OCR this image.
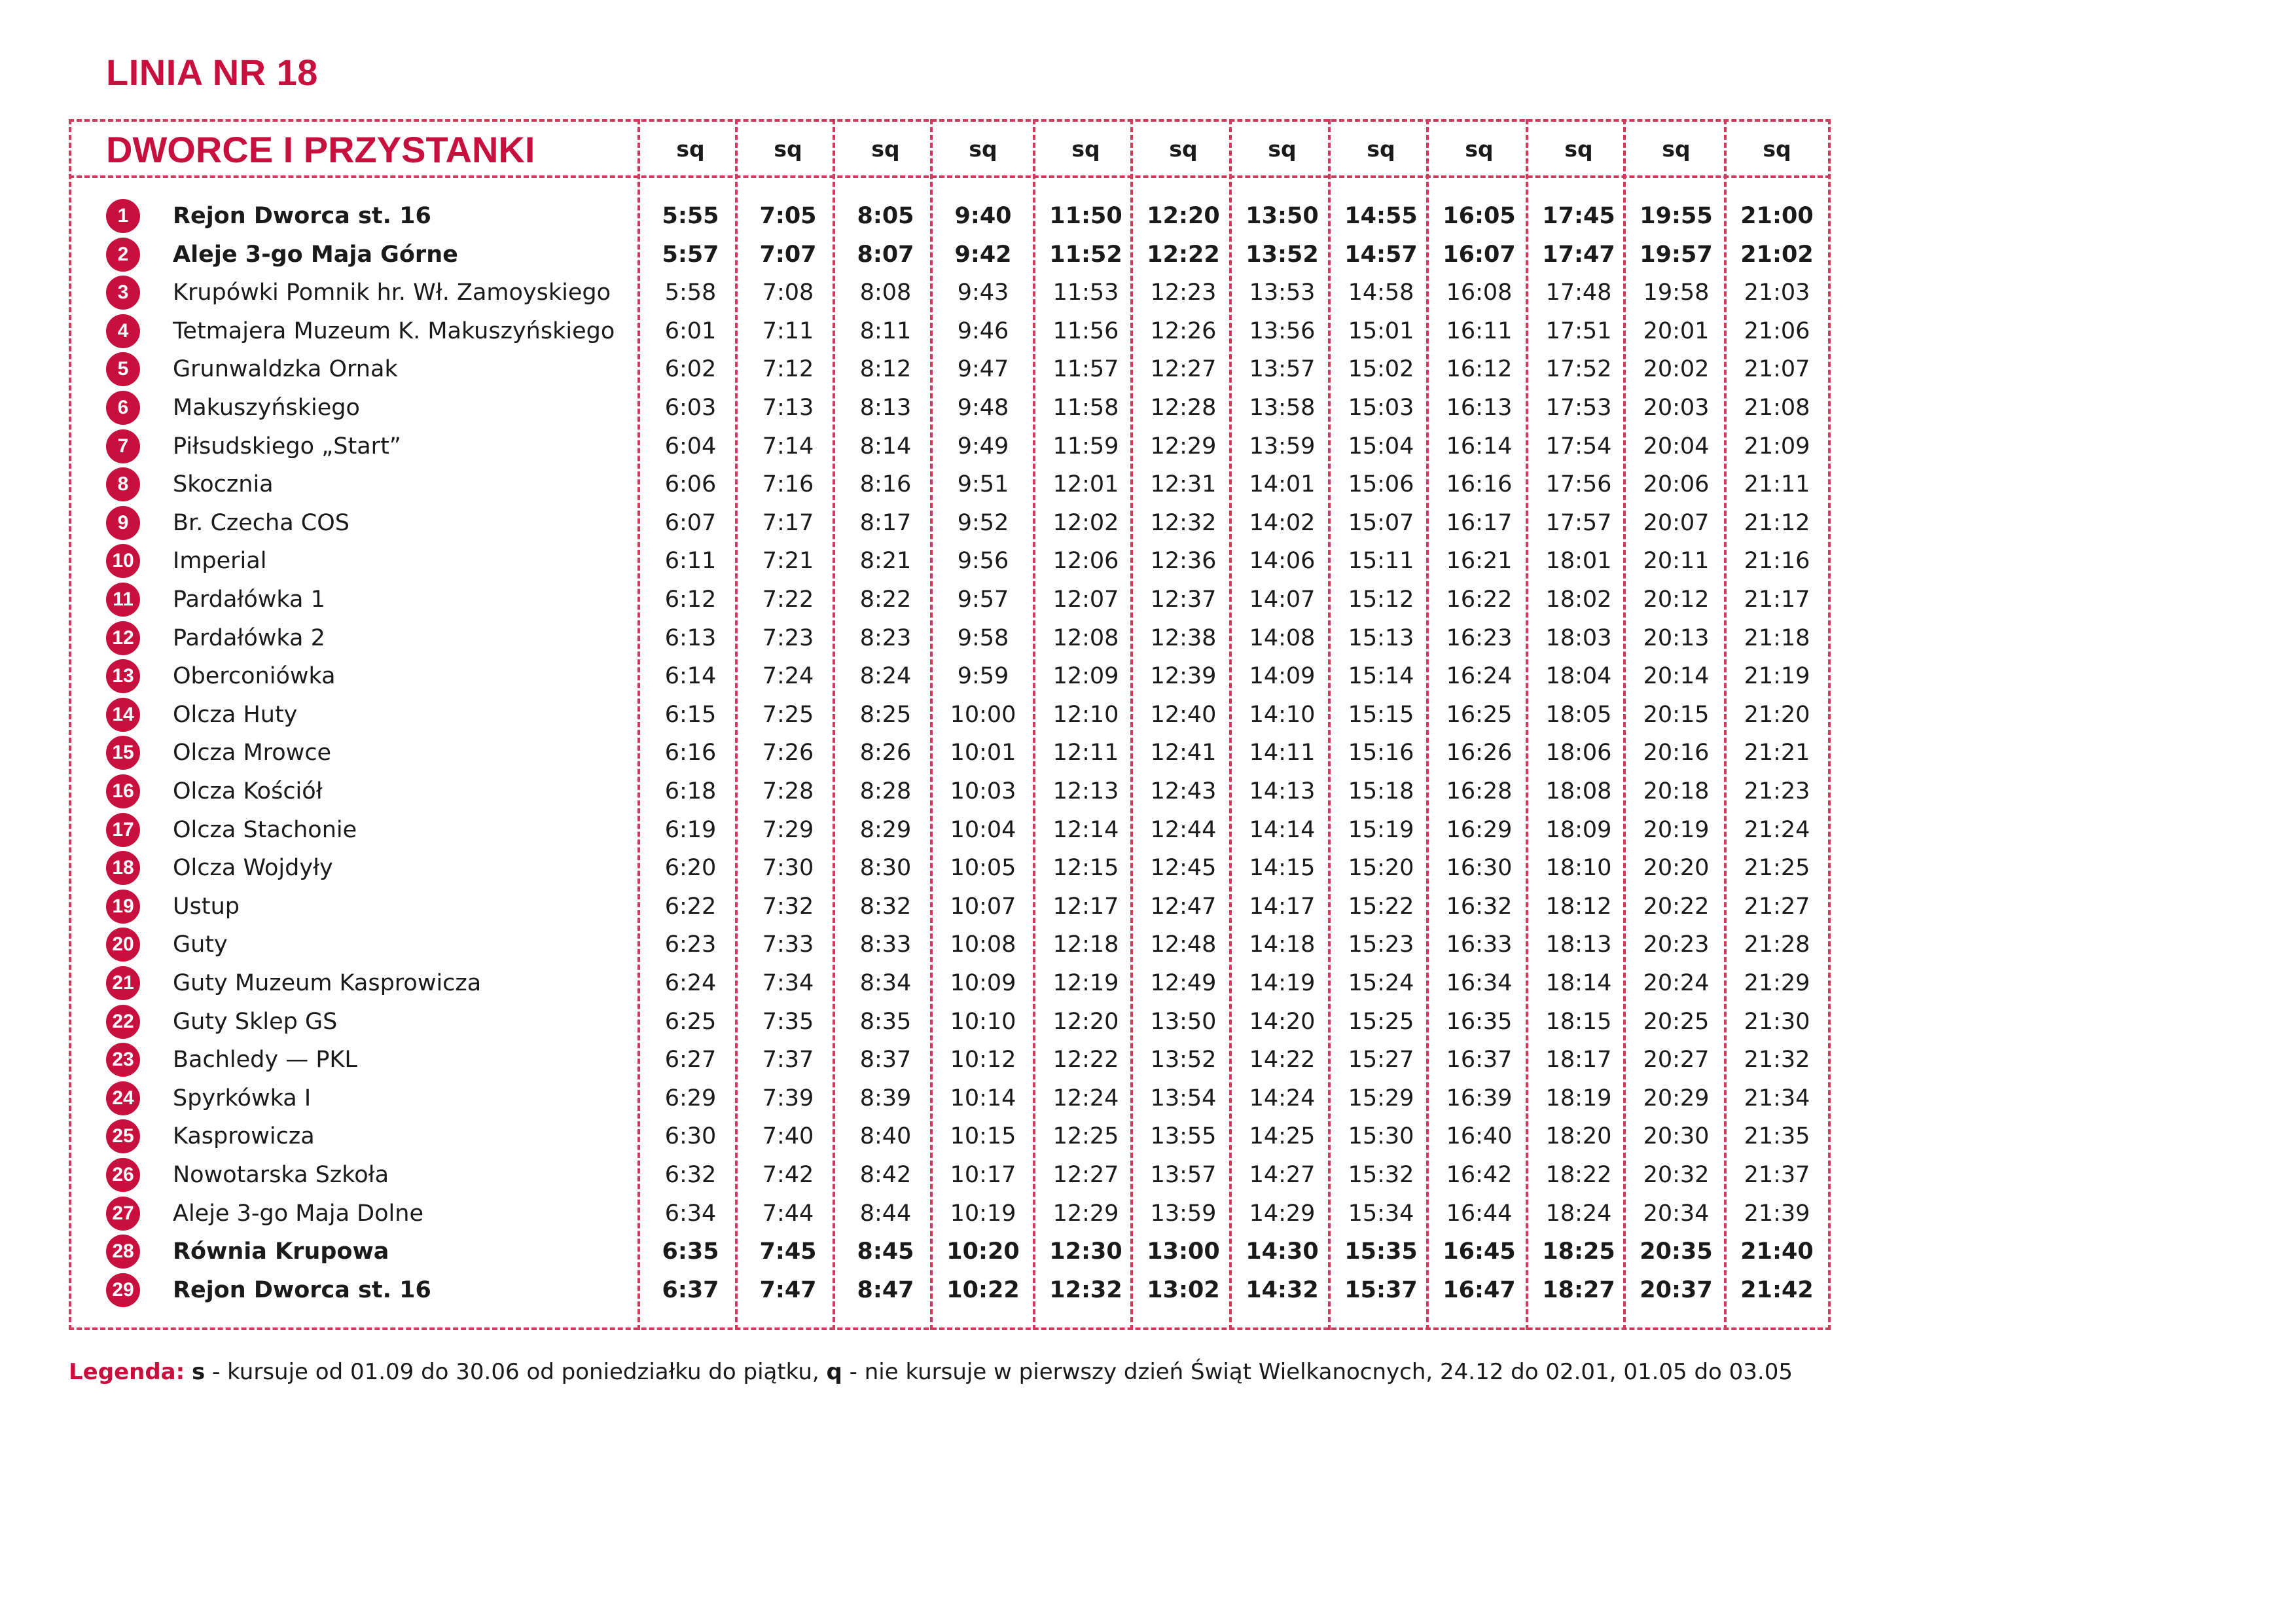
LINIA NR 18
DWORCE I PRZYSTANKI	sq	sq	sq	sq	sq	sq	sq	sq	sq	sq	sq	sq
1	Rejon Dworca st. 16	5:55	7:05	8:05	9:40	11:50	12:20	13:50	14:55	16:05	17:45	19:55	21:00
2	Aleje 3-go Maja Górne	5:57	7:07	8:07	9:42	11:52	12:22	13:52	14:57	16:07	17:47	19:57	21:02
3	Krupówki Pomnik hr. Wł. Zamoyskiego	5:58	7:08	8:08	9:43	11:53	12:23	13:53	14:58	16:08	17:48	19:58	21:03
4	Tetmajera Muzeum K. Makuszyńskiego	6:01	7:11	8:11	9:46	11:56	12:26	13:56	15:01	16:11	17:51	20:01	21:06
5	Grunwaldzka Ornak	6:02	7:12	8:12	9:47	11:57	12:27	13:57	15:02	16:12	17:52	20:02	21:07
6	Makuszyńskiego	6:03	7:13	8:13	9:48	11:58	12:28	13:58	15:03	16:13	17:53	20:03	21:08
7	Piłsudskiego „Start”	6:04	7:14	8:14	9:49	11:59	12:29	13:59	15:04	16:14	17:54	20:04	21:09
8	Skocznia	6:06	7:16	8:16	9:51	12:01	12:31	14:01	15:06	16:16	17:56	20:06	21:11
9	Br. Czecha COS	6:07	7:17	8:17	9:52	12:02	12:32	14:02	15:07	16:17	17:57	20:07	21:12
10 Imperial	6:11	7:21	8:21	9:56	12:06	12:36	14:06	15:11	16:21	18:01	20:11	21:16
11 Pardałówka 1	6:12	7:22	8:22	9:57	12:07	12:37	14:07	15:12	16:22	18:02	20:12	21:17
12 Pardałówka 2	6:13	7:23	8:23	9:58	12:08	12:38	14:08	15:13	16:23	18:03	20:13	21:18
13 Oberconiówka	6:14	7:24	8:24	9:59	12:09	12:39	14:09	15:14	16:24	18:04	20:14	21:19
14 Olcza Huty	6:15	7:25	8:25	10:00	12:10	12:40	14:10	15:15	16:25	18:05	20:15	21:20
15 Olcza Mrowce	6:16	7:26	8:26	10:01	12:11	12:41	14:11	15:16	16:26	18:06	20:16	21:21
16 Olcza Kościół	6:18	7:28	8:28	10:03	12:13	12:43	14:13	15:18	16:28	18:08	20:18	21:23
17 Olcza Stachonie	6:19	7:29	8:29	10:04	12:14	12:44	14:14	15:19	16:29	18:09	20:19	21:24
18 Olcza Wojdyły	6:20	7:30	8:30	10:05	12:15	12:45	14:15	15:20	16:30	18:10	20:20	21:25
19 Ustup	6:22	7:32	8:32	10:07	12:17	12:47	14:17	15:22	16:32	18:12	20:22	21:27
20 Guty	6:23	7:33	8:33	10:08	12:18	12:48	14:18	15:23	16:33	18:13	20:23	21:28
21 Guty Muzeum Kasprowicza	6:24	7:34	8:34	10:09	12:19	12:49	14:19	15:24	16:34	18:14	20:24	21:29
22 Guty Sklep GS	6:25	7:35	8:35	10:10	12:20	13:50	14:20	15:25	16:35	18:15	20:25	21:30
23 Bachledy — PKL	6:27	7:37	8:37	10:12	12:22	13:52	14:22	15:27	16:37	18:17	20:27	21:32
24 Spyrkówka I	6:29	7:39	8:39	10:14	12:24	13:54	14:24	15:29	16:39	18:19	20:29	21:34
25 Kasprowicza	6:30	7:40	8:40	10:15	12:25	13:55	14:25	15:30	16:40	18:20	20:30	21:35
26 Nowotarska Szkoła	6:32	7:42	8:42	10:17	12:27	13:57	14:27	15:32	16:42	18:22	20:32	21:37
27 Aleje 3-go Maja Dolne	6:34	7:44	8:44	10:19	12:29	13:59	14:29	15:34	16:44	18:24	20:34	21:39
28 Równia Krupowa	6:35	7:45	8:45	10:20	12:30	13:00	14:30	15:35	16:45	18:25	20:35	21:40
29 Rejon Dworca st. 16	6:37	7:47	8:47	10:22	12:32	13:02	14:32	15:37	16:47	18:27	20:37	21:42
Legenda: s - kursuje od 01.09 do 30.06 od poniedziałku do piątku, q - nie kursuje w pierwszy dzień Świąt Wielkanocnych, 24.12 do 02.01, 01.05 do 03.05
